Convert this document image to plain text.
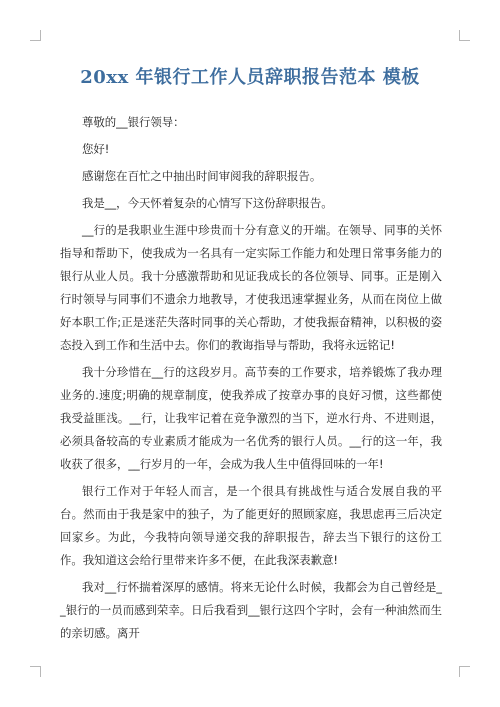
20xx 年银行工作人员辞职报告范本 模板

尊敬的__银行领导：

您好!

感谢您在百忙之中抽出时间审阅我的辞职报告。

我是__，今天怀着复杂的心情写下这份辞职报告。

__行的是我职业生涯中珍贵而十分有意义的开端。在领导、同事的关怀指导和帮助下，使我成为一名具有一定实际工作能力和处理日常事务能力的银行从业人员。我十分感激帮助和见证我成长的各位领导、同事。正是刚入行时领导与同事们不遗余力地教导，才使我迅速掌握业务，从而在岗位上做好本职工作;正是迷茫失落时同事的关心帮助，才使我振奋精神，以积极的姿态投入到工作和生活中去。你们的教诲指导与帮助，我将永远铭记!

我十分珍惜在__行的这段岁月。高节奏的工作要求，培养锻炼了我办理业务的.速度;明确的规章制度，使我养成了按章办事的良好习惯，这些都使我受益匪浅。__行，让我牢记着在竞争激烈的当下，逆水行舟、不进则退，必须具备较高的专业素质才能成为一名优秀的银行人员。__行的这一年，我收获了很多，__行岁月的一年，会成为我人生中值得回味的一年!

银行工作对于年轻人而言，是一个很具有挑战性与适合发展自我的平台。然而由于我是家中的独子，为了能更好的照顾家庭，我思虑再三后决定回家乡。为此，今我特向领导递交我的辞职报告，辞去当下银行的这份工作。我知道这会给行里带来许多不便，在此我深表歉意!

我对__行怀揣着深厚的感情。将来无论什么时候，我都会为自己曾经是__银行的一员而感到荣幸。日后我看到__银行这四个字时，会有一种油然而生的亲切感。离开
